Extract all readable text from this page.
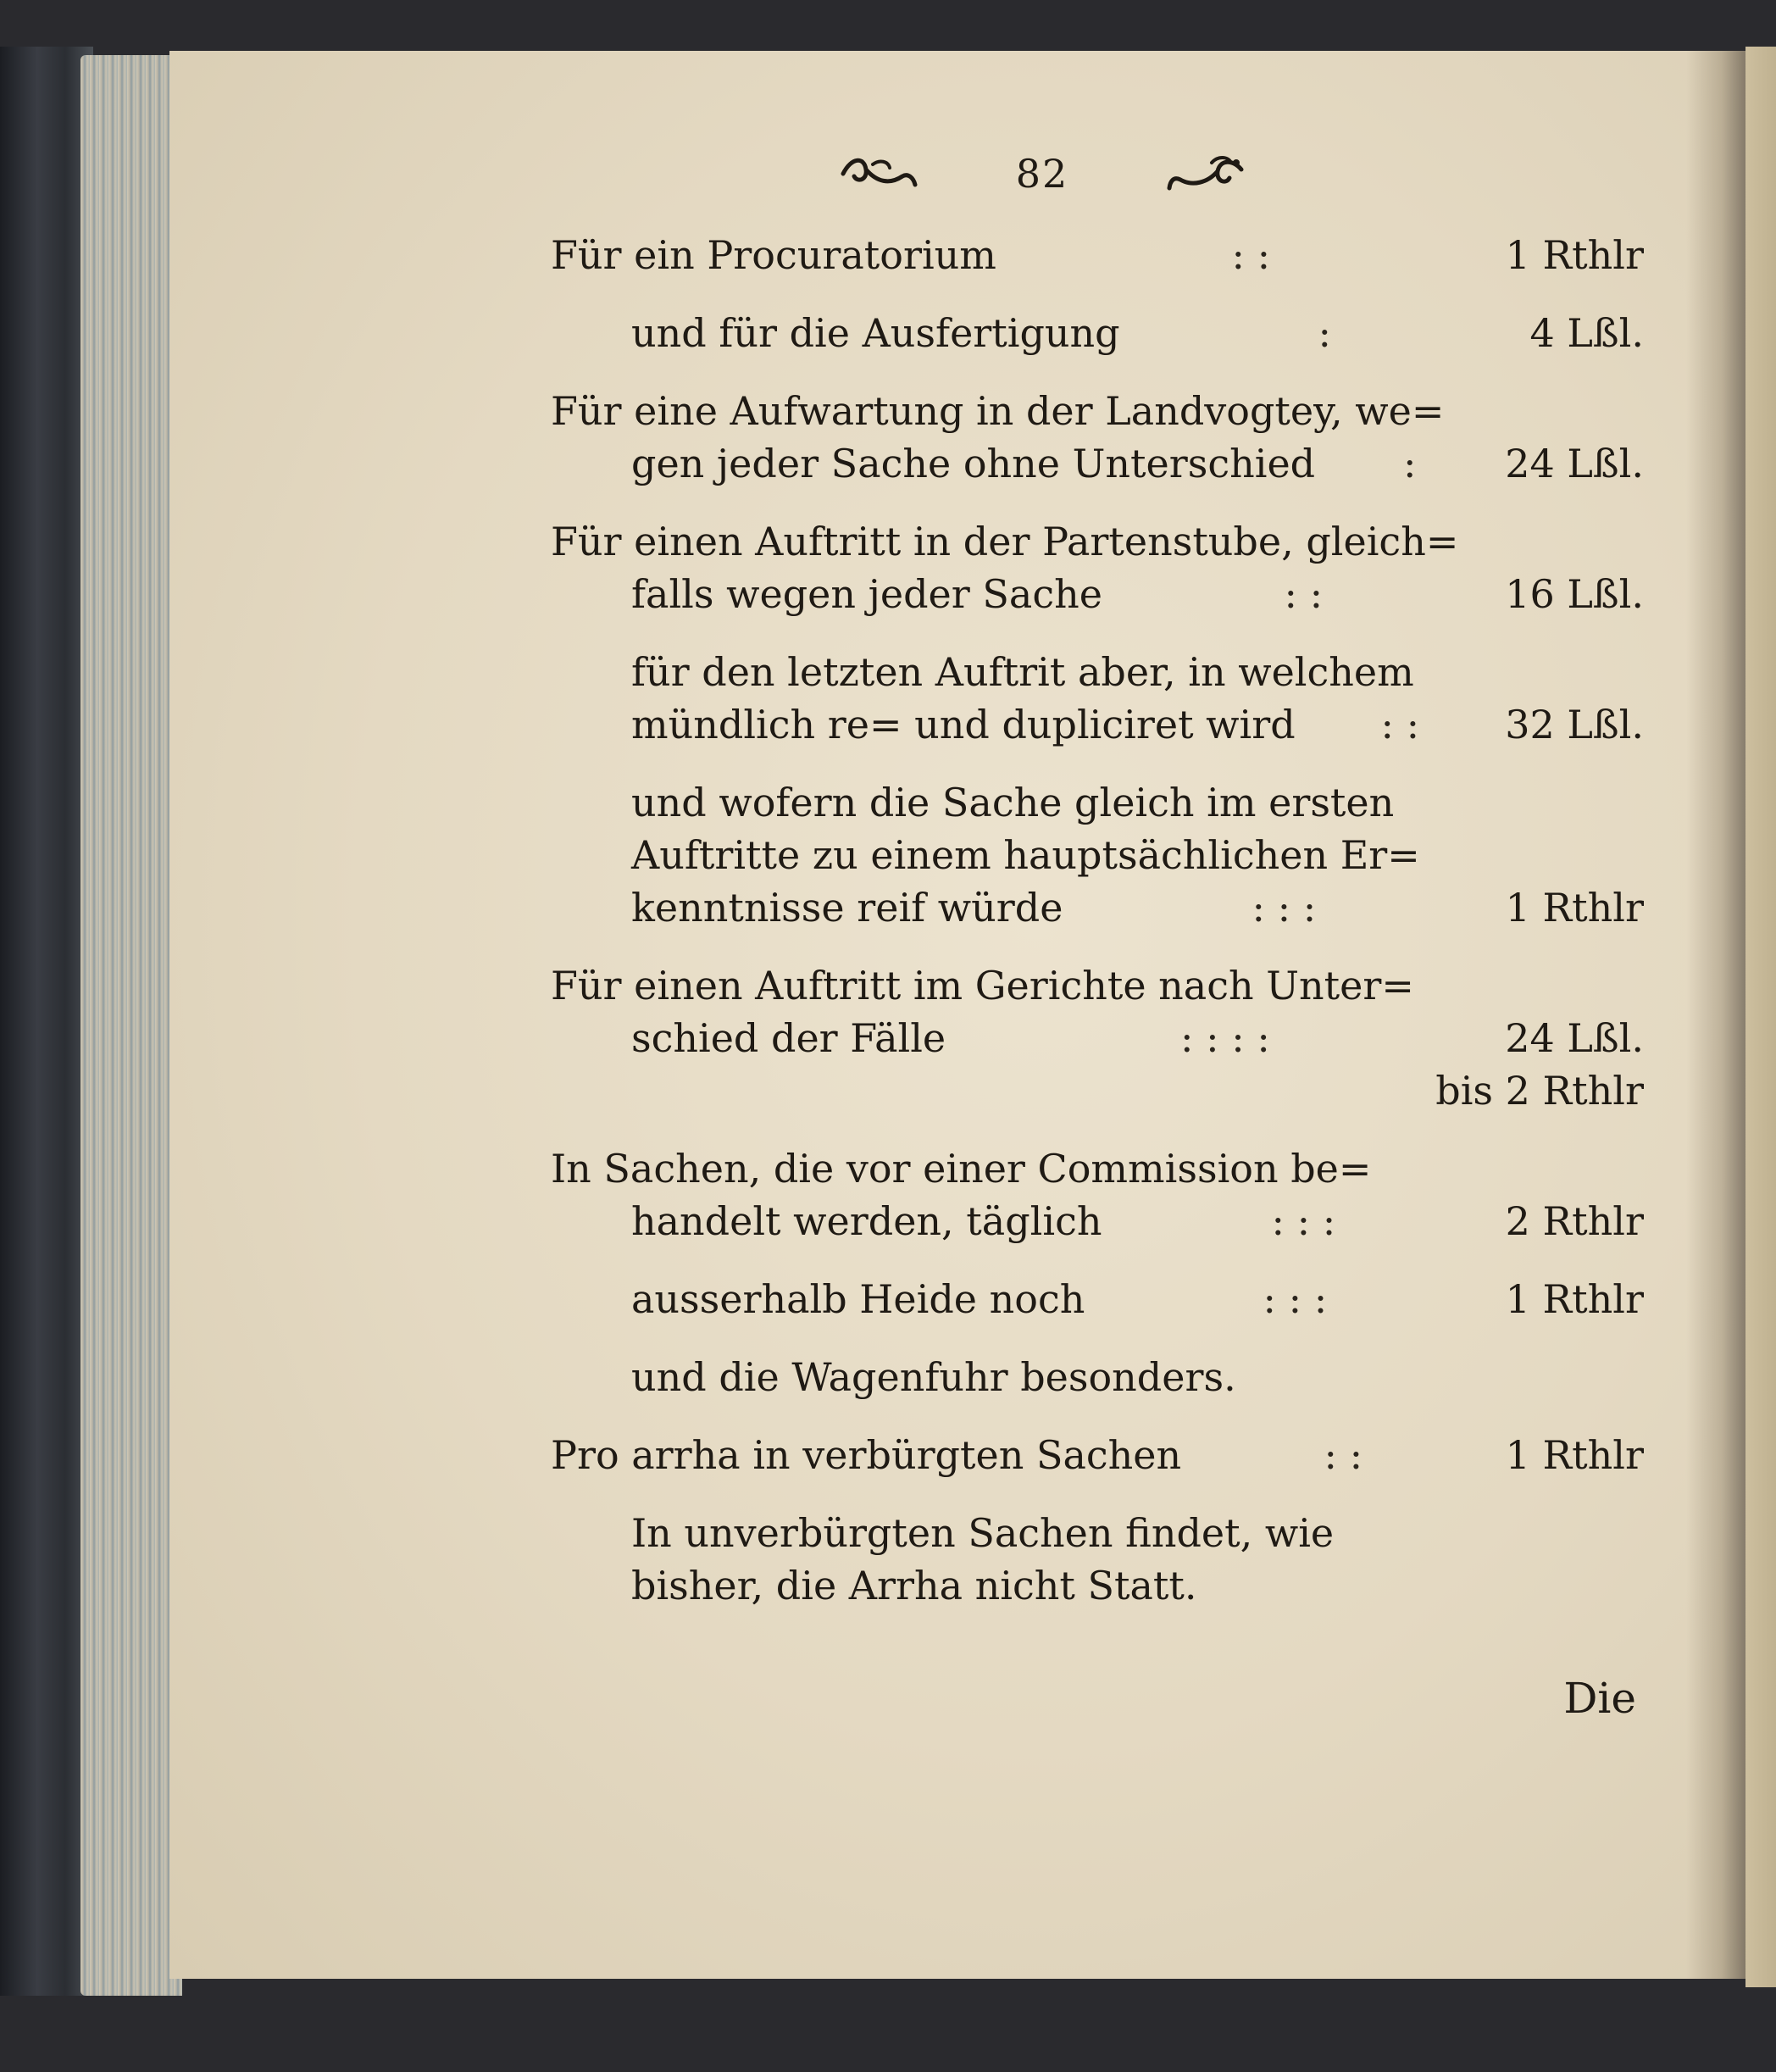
82
Für ein Procuratorium	: :	1 Rthlr
und für die Ausfertigung	:	4 Lßl.
Für eine Aufwartung in der Landvogtey, we=
gen jeder Sache ohne Unterschied : 24 Lßl.
Für einen Auftritt in der Partenstube, gleich=
falls wegen jeder Sache	: :	16 Lßl.
für den letzten Auftrit aber, in welchem
mündlich re= und dupliciret wird : : 32 Lßl.
und wofern die Sache gleich im ersten
Auftritte zu einem hauptsächlichen Er=
kenntnisse reif würde	: : :	1 Rthlr
Für einen Auftritt im Gerichte nach Unter=
schied der Fälle	: : : :	24 Lßl.
bis 2 Rthlr
In Sachen, die vor einer Commission be=
handelt werden, täglich	: : :	2 Rthlr
ausserhalb Heide noch	: : :	1 Rthlr
und die Wagenfuhr besonders.
Pro arrha in verbürgten Sachen	: :	1 Rthlr
In unverbürgten Sachen findet, wie
bisher, die Arrha nicht Statt.
Die
